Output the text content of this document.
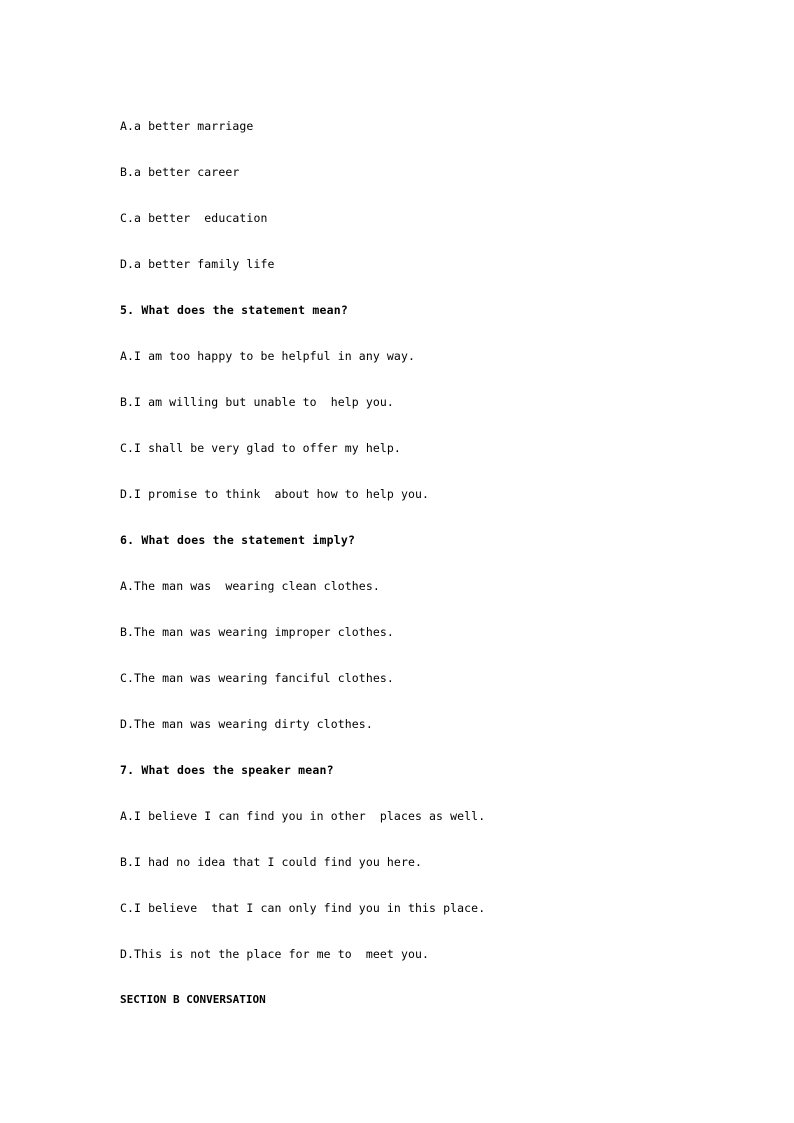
A.a better marriage
B.a better career
C.a better  education
D.a better family life
5. What does the statement mean?
A.I am too happy to be helpful in any way.
B.I am willing but unable to  help you.
C.I shall be very glad to offer my help.
D.I promise to think  about how to help you.
6. What does the statement imply?
A.The man was  wearing clean clothes.
B.The man was wearing improper clothes.
C.The man was wearing fanciful clothes.
D.The man was wearing dirty clothes.
7. What does the speaker mean?
A.I believe I can find you in other  places as well.
B.I had no idea that I could find you here.
C.I believe  that I can only find you in this place.
D.This is not the place for me to  meet you.
SECTION B CONVERSATION
